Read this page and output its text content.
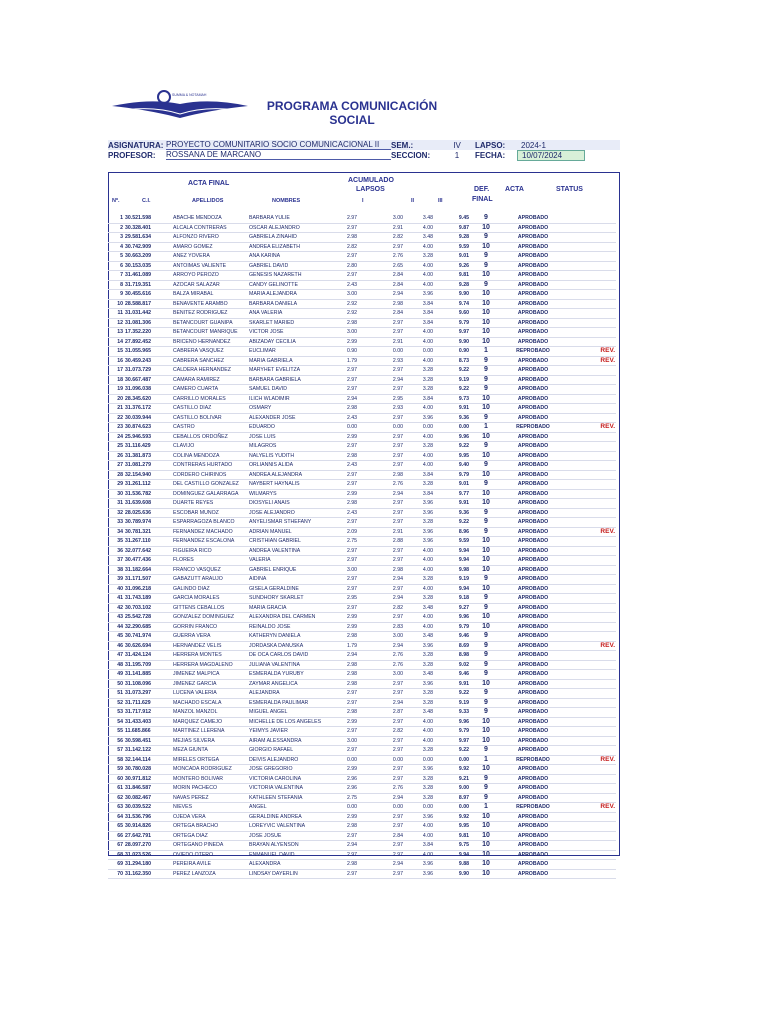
SUMMA & NOTAMAH
PROGRAMA COMUNICACIÓN
SOCIAL
ASIGNATURA: PROYECTO COMUNITARIO SOCIO COMUNICACIONAL II	SEM.:	IV	LAPSO:	2024-1
PROFESOR:	ROSSANA DE MARCANO	SECCION:	1	FECHA:	10/07/2024
ACTA FINAL	ACUMULADO
LAPSOS	DEF.
FINAL
ACTA	STATUS
Nº.	C.I.	APELLIDOS	NOMBRES	I	II	III
1	30.521.598	ABACHE MENDOZA	BARBARA YULIE	2.97	3.00	3.48	9.45	9	APROBADO	
2	30.328.401	ALCALA CONTRERAS	OSCAR ALEJANDRO	2.97	2.91	4.00	9.87	10	APROBADO	
3	29.581.634	ALFONZO RIVERO	GABRIELA ZINAHID	2.98	2.82	3.48	9.28	9	APROBADO	
4	30.742.909	AMARO GOMEZ	ANDREA ELIZABETH	2.82	2.97	4.00	9.59	10	APROBADO	
5	30.663.209	ANEZ YOVERA	ANA KARINA	2.97	2.76	3.28	9.01	9	APROBADO	
6	30.153.035	ANTOIMAS VALIENTE	GABRIEL DAVID	2.80	2.65	4.00	9.26	9	APROBADO	
7	31.461.089	ARROYO PEROZO	GENESIS NAZARETH	2.97	2.84	4.00	9.81	10	APROBADO	
8	31.719.351	AZOCAR SALAZAR	CANDY GELINOTTE	2.43	2.84	4.00	9.28	9	APROBADO	
9	30.455.616	BALZA MIRABAL	MARIA ALEJANDRA	3.00	2.94	3.96	9.90	10	APROBADO	
10	28.588.817	BENAVENTE ARAMBO	BARBARA DANIELA	2.92	2.98	3.84	9.74	10	APROBADO	
11	31.031.442	BENITEZ RODRIGUEZ	ANA VALERIA	2.92	2.84	3.84	9.60	10	APROBADO	
12	31.081.306	BETANCOURT GUANIPA	SKARLET MARIED	2.98	2.97	3.84	9.79	10	APROBADO	
13	17.352.220	BETANCOURT MANRIQUE	VICTOR JOSE	3.00	2.97	4.00	9.97	10	APROBADO	
14	27.892.452	BRICENO HERNANDEZ	ABIZADAY CECILIA	2.99	2.91	4.00	9.90	10	APROBADO	
15	31.055.965	CABRERA VASQUEZ	EUCLIMAR	0.90	0.00	0.00	0.90	1	REPROBADO	REV.
16	30.459.243	CABRERA SANCHEZ	MARIA GABRIELA	1.79	2.93	4.00	8.73	9	APROBADO	REV.
17	31.073.729	CALDERA HERNANDEZ	MARYHET EVELITZA	2.97	2.97	3.28	9.22	9	APROBADO	
18	30.667.487	CAMARA RAMIREZ	BARBARA GABRIELA	2.97	2.94	3.28	9.19	9	APROBADO	
19	31.096.038	CAMERO CUARTA	SAMUEL DAVID	2.97	2.97	3.28	9.22	9	APROBADO	
20	28.345.620	CARRILLO MORALES	ILICH WLADIMIR	2.94	2.95	3.84	9.73	10	APROBADO	
21	31.376.172	CASTILLO DIAZ	OSMARY	2.98	2.93	4.00	9.91	10	APROBADO	
22	30.039.944	CASTILLO BOLIVAR	ALEXANDER JOSE	2.43	2.97	3.96	9.36	9	APROBADO	
23	30.874.623	CASTRO	EDUARDO	0.00	0.00	0.00	0.00	1	REPROBADO	REV.
24	25.946.593	CEBALLOS ORDOÑEZ	JOSE LUIS	2.99	2.97	4.00	9.96	10	APROBADO	
25	31.116.429	CLAVIJO	MILAGROS	2.97	2.97	3.28	9.22	9	APROBADO	
26	31.381.873	COLINA MENDOZA	NALYELIS YUDITH	2.98	2.97	4.00	9.95	10	APROBADO	
27	31.081.279	CONTRERAS HURTADO	ORLIANNIS ALIDA	2.43	2.97	4.00	9.40	9	APROBADO	
28	32.154.940	CORDERO CHIRINOS	ANDREA ALEJANDRA	2.97	2.98	3.84	9.79	10	APROBADO	
29	31.261.112	DEL CASTILLO GONZALEZ	NAYBERT HAYNALIS	2.97	2.76	3.28	9.01	9	APROBADO	
30	31.536.782	DOMINGUEZ GALARRAGA	WILMARYS	2.99	2.94	3.84	9.77	10	APROBADO	
31	31.639.608	DUARTE REYES	DIOSYELI ANAIS	2.98	2.97	3.96	9.91	10	APROBADO	
32	28.025.636	ESCOBAR MUNOZ	JOSE ALEJANDRO	2.43	2.97	3.96	9.36	9	APROBADO	
33	30.789.974	ESPARRAGOZA BLANCO	ANYELISMAR STHEFANY	2.97	2.97	3.28	9.22	9	APROBADO	
34	30.781.321	FERNANDEZ MACHADO	ADRIAN MANUEL	2.09	2.91	3.96	8.96	9	APROBADO	REV.
35	31.267.110	FERNANDEZ ESCALONA	CRISTHIAN GABRIEL	2.75	2.88	3.96	9.59	10	APROBADO	
36	32.077.642	FIGUEIRA RICO	ANDREA VALENTINA	2.97	2.97	4.00	9.94	10	APROBADO	
37	30.477.436	FLORES	VALERIA	2.97	2.97	4.00	9.94	10	APROBADO	
38	31.182.664	FRANCO VASQUEZ	GABRIEL ENRIQUE	3.00	2.98	4.00	9.98	10	APROBADO	
39	31.171.507	GABAZUTT ARAUJO	AIDINA	2.97	2.94	3.28	9.19	9	APROBADO	
40	31.096.218	GALINDO DIAZ	GISELA GERALDINE	2.97	2.97	4.00	9.94	10	APROBADO	
41	31.743.189	GARCIA MORALES	SUNDHORY SKARLET	2.95	2.94	3.28	9.18	9	APROBADO	
42	30.703.102	GITTENS CEBALLOS	MARIA GRACIA	2.97	2.82	3.48	9.27	9	APROBADO	
43	25.542.728	GONZALEZ DOMINGUEZ	ALEXANDRA DEL CARMEN	2.99	2.97	4.00	9.96	10	APROBADO	
44	32.290.685	GORRIN FRANCO	REINALDO JOSE	2.99	2.83	4.00	9.79	10	APROBADO	
45	30.741.974	GUERRA VERA	KATHERYN DANIELA	2.98	3.00	3.48	9.46	9	APROBADO	
46	30.626.694	HERNANDEZ VELIS	JORDASKA DANUSKA	1.79	2.94	3.96	8.69	9	APROBADO	REV.
47	31.424.124	HERRERA MONTES	DE OCA CARLOS DAVID	2.94	2.76	3.28	8.98	9	APROBADO	
48	31.195.709	HERRERA MAGDALENO	JULIANA VALENTINA	2.98	2.76	3.28	9.02	9	APROBADO	
49	31.141.885	JIMENEZ MALPICA	ESMERALDA YURUBY	2.98	3.00	3.48	9.46	9	APROBADO	
50	31.108.096	JIMENEZ GARCIA	ZAYMAR ANGELICA	2.98	2.97	3.96	9.91	10	APROBADO	
51	31.073.297	LUCENA VALERIA	ALEJANDRA	2.97	2.97	3.28	9.22	9	APROBADO	
52	31.711.629	MACHADO ESCALA	ESMERALDA PAULIMAR	2.97	2.94	3.28	9.19	9	APROBADO	
53	31.717.912	MANZOL MANZOL	MIGUEL ANGEL	2.98	2.87	3.48	9.33	9	APROBADO	
54	31.433.403	MARQUEZ CAMEJO	MICHELLE DE LOS ANGELES	2.99	2.97	4.00	9.96	10	APROBADO	
55	11.685.866	MARTINEZ LLERENA	YEIMYS JAVIER	2.97	2.82	4.00	9.79	10	APROBADO	
56	30.598.451	MEJIAS SILVERA	AIRAM ALESSANDRA	3.00	2.97	4.00	9.97	10	APROBADO	
57	31.142.122	MEZA GIUNTA	GIORGIO RAFAEL	2.97	2.97	3.28	9.22	9	APROBADO	
58	32.144.114	MIRELES ORTEGA	DEIVIS ALEJANDRO	0.00	0.00	0.00	0.00	1	REPROBADO	REV.
59	30.780.028	MONCADA RODRIGUEZ	JOSE GREGORIO	2.99	2.97	3.96	9.92	10	APROBADO	
60	30.971.812	MONTERO BOLIVAR	VICTORIA CAROLINA	2.96	2.97	3.28	9.21	9	APROBADO	
61	31.846.587	MORIN PACHECO	VICTORIA VALENTINA	2.96	2.76	3.28	9.00	9	APROBADO	
62	30.082.467	NAVAS PEREZ	KATHLEEN STEFANIA	2.75	2.94	3.28	8.97	9	APROBADO	
63	30.039.522	NIEVES	ANGEL	0.00	0.00	0.00	0.00	1	REPROBADO	REV.
64	31.536.796	OJEDA VERA	GERALDINE ANDREA	2.99	2.97	3.96	9.92	10	APROBADO	
65	30.914.826	ORTEGA BRACHO	LOREYVIC VALENTINA	2.98	2.97	4.00	9.95	10	APROBADO	
66	27.642.791	ORTEGA DIAZ	JOSE JOSUE	2.97	2.84	4.00	9.81	10	APROBADO	
67	28.097.270	ORTEGANO PINEDA	BRAYAN ALYENSON	2.94	2.97	3.84	9.75	10	APROBADO	
68	31.023.526	OVIEDO OTERO	ENMANUEL DAVID	2.97	2.97	4.00	9.94	10	APROBADO	
69	31.294.180	PEREIRA AVILE	ALEXANDRA	2.98	2.94	3.96	9.88	10	APROBADO	
70	31.162.350	PEREZ LANZOZA	LINDSAY DAYERLIN	2.97	2.97	3.96	9.90	10	APROBADO	
